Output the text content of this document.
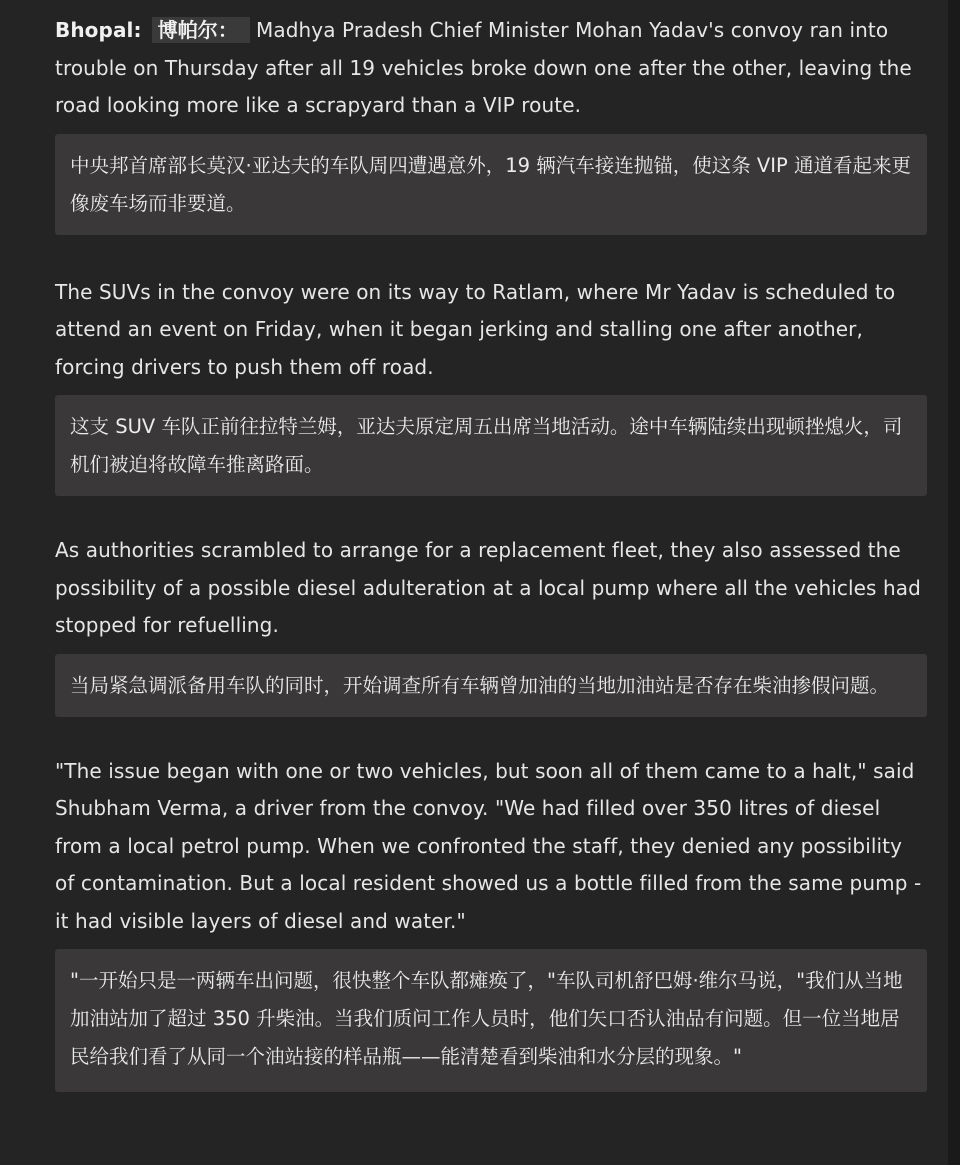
Bhopal: 博帕尔： Madhya Pradesh Chief Minister Mohan Yadav's convoy ran into trouble on Thursday after all 19 vehicles broke down one after the other, leaving the road looking more like a scrapyard than a VIP route.

中央邦首席部长莫汉·亚达夫的车队周四遭遇意外，19 辆汽车接连抛锚，使这条 VIP 通道看起来更像废车场而非要道。

The SUVs in the convoy were on its way to Ratlam, where Mr Yadav is scheduled to attend an event on Friday, when it began jerking and stalling one after another, forcing drivers to push them off road.

这支 SUV 车队正前往拉特兰姆，亚达夫原定周五出席当地活动。途中车辆陆续出现顿挫熄火，司机们被迫将故障车推离路面。

As authorities scrambled to arrange for a replacement fleet, they also assessed the possibility of a possible diesel adulteration at a local pump where all the vehicles had stopped for refuelling.

当局紧急调派备用车队的同时，开始调查所有车辆曾加油的当地加油站是否存在柴油掺假问题。

"The issue began with one or two vehicles, but soon all of them came to a halt," said Shubham Verma, a driver from the convoy. "We had filled over 350 litres of diesel from a local petrol pump. When we confronted the staff, they denied any possibility of contamination. But a local resident showed us a bottle filled from the same pump - it had visible layers of diesel and water."

"一开始只是一两辆车出问题，很快整个车队都瘫痪了，"车队司机舒巴姆·维尔马说，"我们从当地加油站加了超过 350 升柴油。当我们质问工作人员时，他们矢口否认油品有问题。但一位当地居民给我们看了从同一个油站接的样品瓶——能清楚看到柴油和水分层的现象。"
